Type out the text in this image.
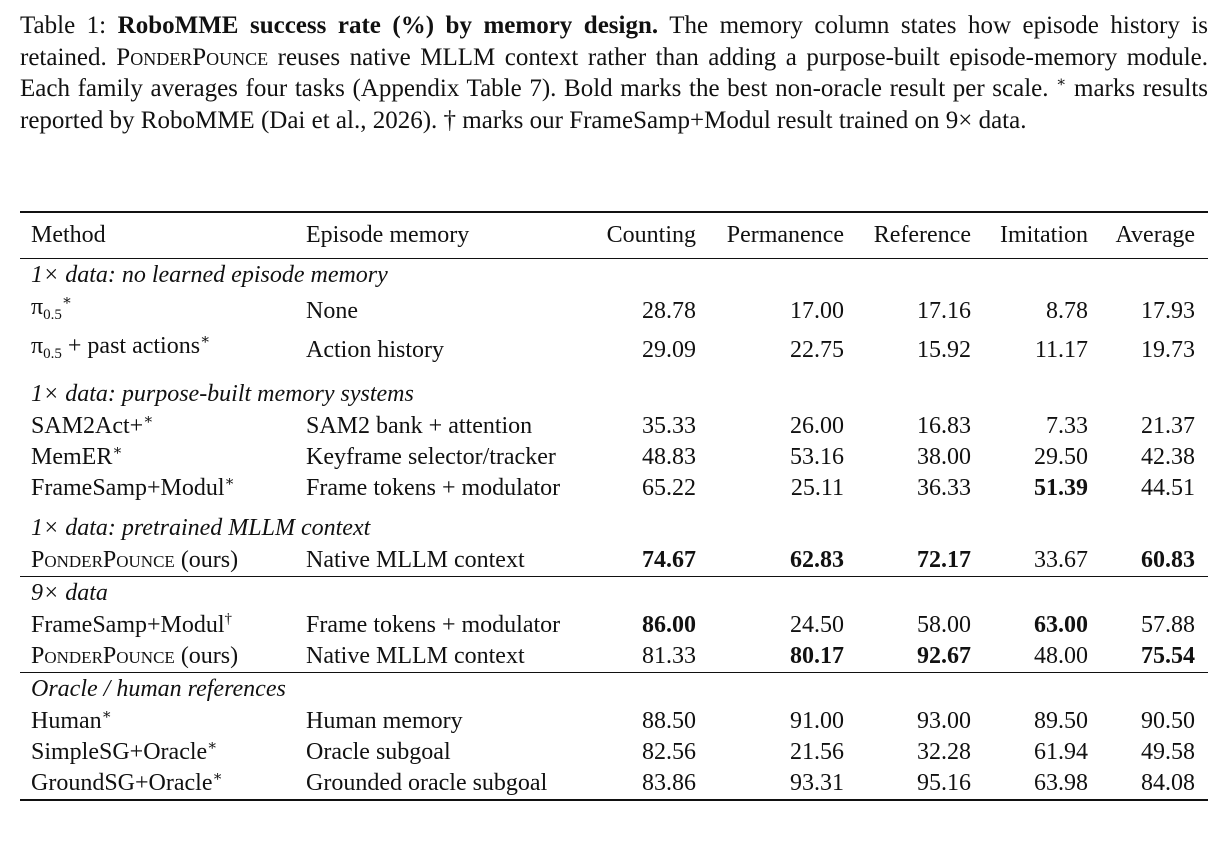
Table 1: RoboMME success rate (%) by memory design. The memory column states how episode history is retained. PonderPounce reuses native MLLM context rather than adding a purpose-built episode-memory module. Each family averages four tasks (Appendix Table 7). Bold marks the best non-oracle result per scale. ∗ marks results reported by RoboMME (Dai et al., 2026). † marks our FrameSamp+Modul result trained on 9× data.
Method	Episode memory	Counting	Permanence	Reference	Imitation	Average
1× data: no learned episode memory						
$\pi_{0.5}^∗$	None	28.78	17.00	17.16	8.78	17.93
$\pi_{0.5}$ + past actions∗	Action history	29.09	22.75	15.92	11.17	19.73

1× data: purpose-built memory systems						
SAM2Act+∗	SAM2 bank + attention	35.33	26.00	16.83	7.33	21.37
MemER∗	Keyframe selector/tracker	48.83	53.16	38.00	29.50	42.38
FrameSamp+Modul∗	Frame tokens + modulator	65.22	25.11	36.33	51.39	44.51

1× data: pretrained MLLM context						
PonderPounce (ours)	Native MLLM context	74.67	62.83	72.17	33.67	60.83
9× data						
FrameSamp+Modul†	Frame tokens + modulator	86.00	24.50	58.00	63.00	57.88
PonderPounce (ours)	Native MLLM context	81.33	80.17	92.67	48.00	75.54
Oracle / human references						
Human∗	Human memory	88.50	91.00	93.00	89.50	90.50
SimpleSG+Oracle∗	Oracle subgoal	82.56	21.56	32.28	61.94	49.58
GroundSG+Oracle∗	Grounded oracle subgoal	83.86	93.31	95.16	63.98	84.08
